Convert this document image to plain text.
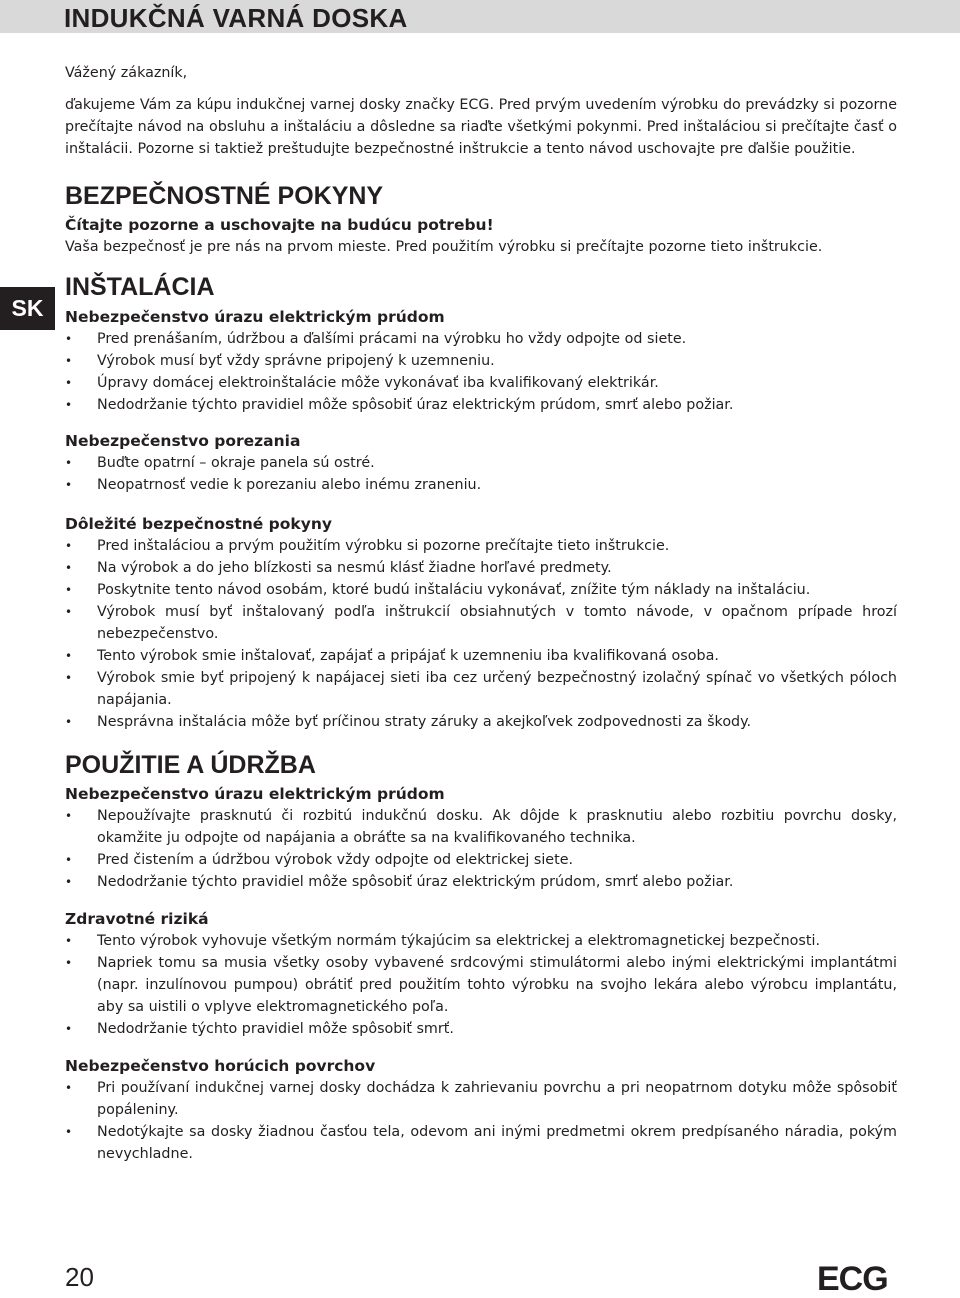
INDUKČNÁ VARNÁ DOSKA
SK

Vážený zákazník,

ďakujeme Vám za kúpu indukčnej varnej dosky značky ECG. Pred prvým uvedením výrobku do prevádzky si pozorne prečítajte návod na obsluhu a inštaláciu a dôsledne sa riaďte všetkými pokynmi. Pred inštaláciou si prečítajte časť o inštalácii. Pozorne si taktiež preštudujte bezpečnostné inštrukcie a tento návod uschovajte pre ďalšie použitie.

BEZPEČNOSTNÉ POKYNY
Čítajte pozorne a uschovajte na budúcu potrebu!

Vaša bezpečnosť je pre nás na prvom mieste. Pred použitím výrobku si prečítajte pozorne tieto inštrukcie.

INŠTALÁCIA
Nebezpečenstvo úrazu elektrickým prúdom
• Pred prenášaním, údržbou a ďalšími prácami na výrobku ho vždy odpojte od siete.
• Výrobok musí byť vždy správne pripojený k uzemneniu.
• Úpravy domácej elektroinštalácie môže vykonávať iba kvalifikovaný elektrikár.
• Nedodržanie týchto pravidiel môže spôsobiť úraz elektrickým prúdom, smrť alebo požiar.
Nebezpečenstvo porezania
• Buďte opatrní – okraje panela sú ostré.
• Neopatrnosť vedie k porezaniu alebo inému zraneniu.
Dôležité bezpečnostné pokyny
• Pred inštaláciou a prvým použitím výrobku si pozorne prečítajte tieto inštrukcie.
• Na výrobok a do jeho blízkosti sa nesmú klásť žiadne horľavé predmety.
• Poskytnite tento návod osobám, ktoré budú inštaláciu vykonávať, znížite tým náklady na inštaláciu.
• Výrobok musí byť inštalovaný podľa inštrukcií obsiahnutých v tomto návode, v opačnom prípade hrozí nebezpečenstvo.
• Tento výrobok smie inštalovať, zapájať a pripájať k uzemneniu iba kvalifikovaná osoba.
• Výrobok smie byť pripojený k napájacej sieti iba cez určený bezpečnostný izolačný spínač vo všetkých póloch napájania.
• Nesprávna inštalácia môže byť príčinou straty záruky a akejkoľvek zodpovednosti za škody.
POUŽITIE A ÚDRŽBA
Nebezpečenstvo úrazu elektrickým prúdom
• Nepoužívajte prasknutú či rozbitú indukčnú dosku. Ak dôjde k prasknutiu alebo rozbitiu povrchu dosky, okamžite ju odpojte od napájania a obráťte sa na kvalifikovaného technika.
• Pred čistením a údržbou výrobok vždy odpojte od elektrickej siete.
• Nedodržanie týchto pravidiel môže spôsobiť úraz elektrickým prúdom, smrť alebo požiar.
Zdravotné riziká
• Tento výrobok vyhovuje všetkým normám týkajúcim sa elektrickej a elektromagnetickej bezpečnosti.
• Napriek tomu sa musia všetky osoby vybavené srdcovými stimulátormi alebo inými elektrickými implantátmi (napr. inzulínovou pumpou) obrátiť pred použitím tohto výrobku na svojho lekára alebo výrobcu implantátu, aby sa uistili o vplyve elektromagnetického poľa.
• Nedodržanie týchto pravidiel môže spôsobiť smrť.
Nebezpečenstvo horúcich povrchov
• Pri používaní indukčnej varnej dosky dochádza k zahrievaniu povrchu a pri neopatrnom dotyku môže spôsobiť popáleniny.
• Nedotýkajte sa dosky žiadnou časťou tela, odevom ani inými predmetmi okrem predpísaného náradia, pokým nevychladne.
20	ECG
